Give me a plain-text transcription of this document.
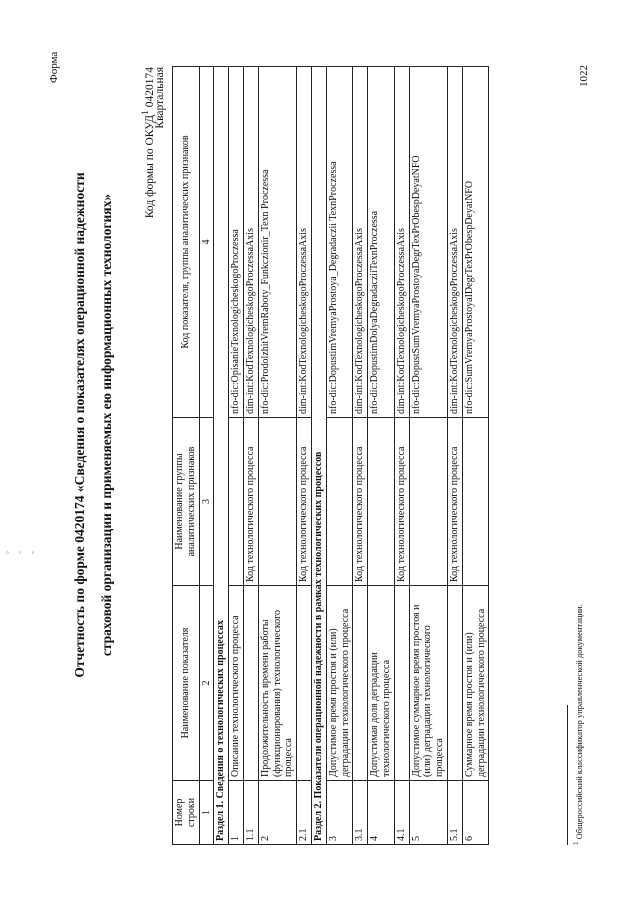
Форма

Отчетность по форме 0420174 «Сведения о показателях операционной надежности страховой организации и применяемых ею информационных технологиях»

Код формы по ОКУД$^1$ 0420174
Квартальная
Номер строки	Наименование показателя	Наименование группы аналитических признаков	Код показателя, группы аналитических признаков
1	2	3	4
Раздел 1. Сведения о технологических процессах			
1	Описание технологического процесса		nfo-dic:OpisanieTexnologicheskogoProczessa
1.1		Код технологического процесса	dim-int:KodTexnologicheskogoProczessaAxis
2	Продолжительность времени работы (функционирования) технологического процесса		nfo-dic:ProdolzhitVremRaboty_Funkczionir_Texn Proczessa
2.1		Код технологического процесса	dim-int:KodTexnologicheskogoProczessaAxis
Раздел 2. Показатели операционной надежности в рамках технологических процессов			
3	Допустимое время простоя и (или) деградации технологического процесса		nfo-dic:DopustimVremyaProstoya_Degradaczii TexnProczessa
3.1		Код технологического процесса	dim-int:KodTexnologicheskogoProczessaAxis
4	Допустимая доля деградации технологического процесса		nfo-dic:DopustimDolyaDegradacziiTexnProczessa
4.1		Код технологического процесса	dim-int:KodTexnologicheskogoProczessaAxis
5	Допустимое суммарное время простоя и (или) деградации технологического процесса		nfo-dic:DopustSumVremyaProstoyaDegrTexPrObespDeyatNFO
5.1		Код технологического процесса	dim-int:KodTexnologicheskogoProczessaAxis
6	Суммарное время простоя и (или) деградации технологического процесса		nfo-dic:SumVremyaProstoyaIDegrTexPrObespDeyatNFO
$^1$ Общероссийский классификатор управленческой документации.
1022
◦ ◦ ◦
